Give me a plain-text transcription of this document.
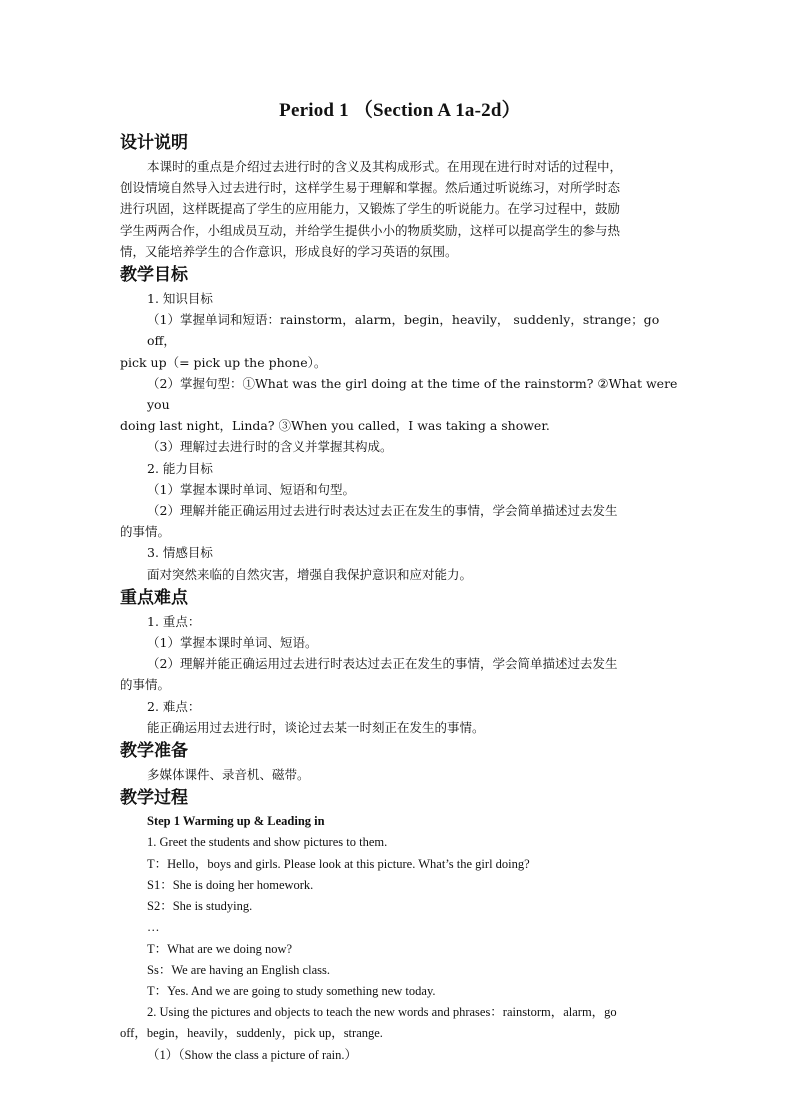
Period 1 （Section A 1a-2d）
设计说明
本课时的重点是介绍过去进行时的含义及其构成形式。在用现在进行时对话的过程中，
创设情境自然导入过去进行时，这样学生易于理解和掌握。然后通过听说练习，对所学时态
进行巩固，这样既提高了学生的应用能力，又锻炼了学生的听说能力。在学习过程中，鼓励
学生两两合作，小组成员互动，并给学生提供小小的物质奖励，这样可以提高学生的参与热
情，又能培养学生的合作意识，形成良好的学习英语的氛围。
教学目标
1. 知识目标
（1）掌握单词和短语：rainstorm，alarm，begin，heavily， suddenly，strange；go off，
pick up（= pick up the phone）。
（2）掌握句型：①What was the girl doing at the time of the rainstorm? ②What were you
doing last night，Linda? ③When you called，I was taking a shower.
（3）理解过去进行时的含义并掌握其构成。
2. 能力目标
（1）掌握本课时单词、短语和句型。
（2）理解并能正确运用过去进行时表达过去正在发生的事情，学会简单描述过去发生
的事情。
3. 情感目标
面对突然来临的自然灾害，增强自我保护意识和应对能力。
重点难点
1. 重点：
（1）掌握本课时单词、短语。
（2）理解并能正确运用过去进行时表达过去正在发生的事情，学会简单描述过去发生
的事情。
2. 难点：
能正确运用过去进行时，谈论过去某一时刻正在发生的事情。
教学准备
多媒体课件、录音机、磁带。
教学过程
Step 1 Warming up & Leading in
1. Greet the students and show pictures to them.
T：Hello，boys and girls. Please look at this picture. What’s the girl doing?
S1：She is doing her homework.
S2：She is studying.
…
T：What are we doing now?
Ss：We are having an English class.
T：Yes. And we are going to study something new today.
2. Using the pictures and objects to teach the new words and phrases：rainstorm，alarm，go
off，begin，heavily，suddenly，pick up，strange.
（1）（Show the class a picture of rain.）
